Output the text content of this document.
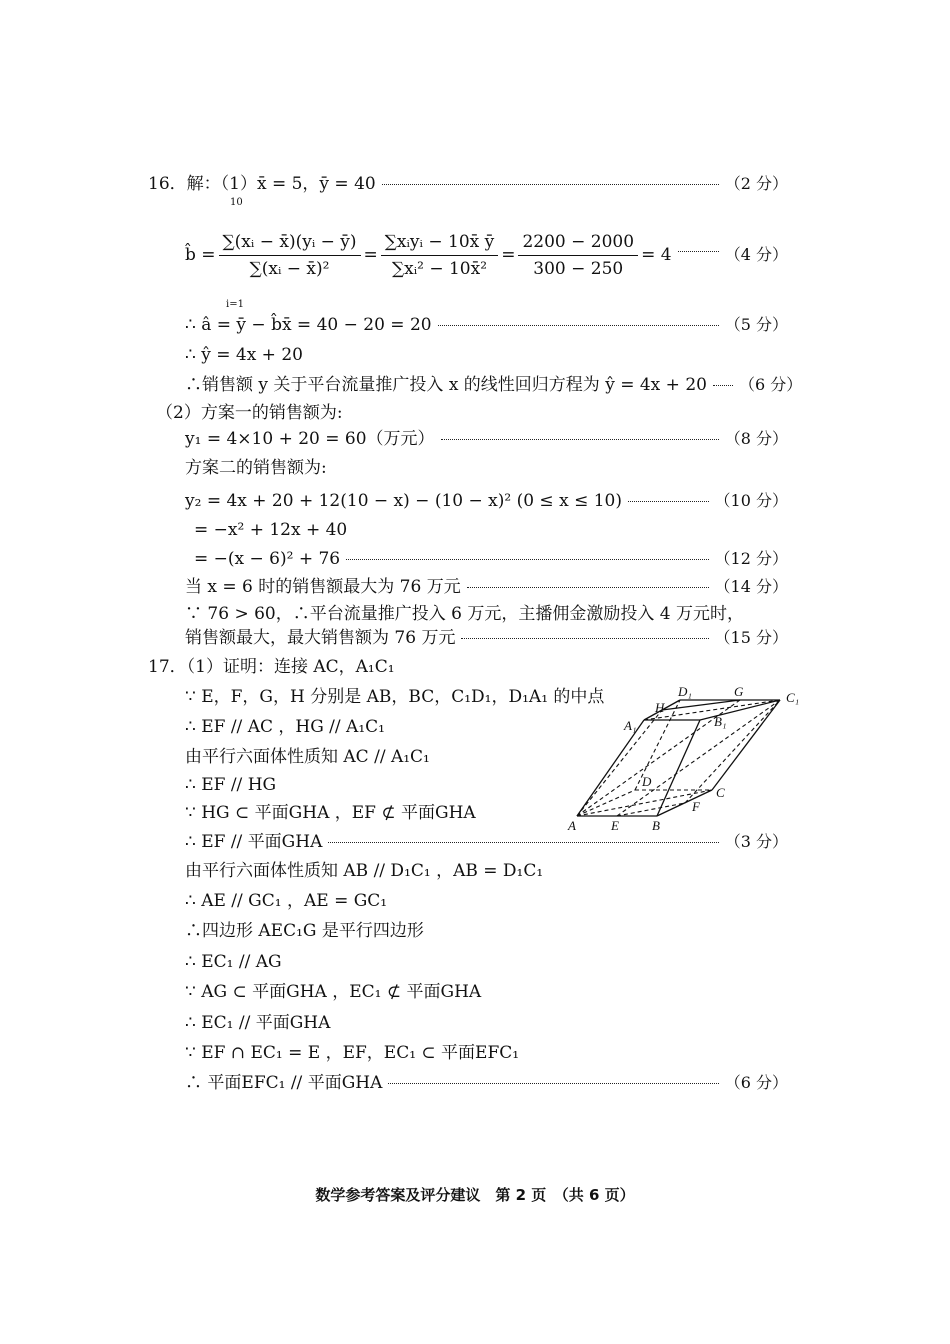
16．解：（1） x̄ = 5，ȳ = 40	（2 分）
b̂ = $\frac{\text{∑(xᵢ − x̄)(yᵢ − ȳ)}}{\text{∑(xᵢ − x̄)²}} = \frac{\text{∑xᵢyᵢ − 10x̄ ȳ}}{\text{∑xᵢ² − 10x̄²}} = \frac{2200 - 2000}{300 - 250} = 4$	（4 分）
10
i=1
∴ â = ȳ − b̂x̄ = 40 − 20 = 20	（5 分）
∴ ŷ = 4x + 20
∴销售额 y 关于平台流量推广投入 x 的线性回归方程为 ŷ = 4x + 20 （6 分）
（2）方案一的销售额为:
y₁ = 4×10 + 20 = 60（万元）	（8 分）
方案二的销售额为:
y₂ = 4x + 20 + 12(10 − x) − (10 − x)² (0 ≤ x ≤ 10)	（10 分）
= −x² + 12x + 40
= −(x − 6)² + 76	（12 分）
当 x = 6 时的销售额最大为 76 万元	（14 分）
∵ 76 > 60，∴平台流量推广投入 6 万元，主播佣金激励投入 4 万元时，
销售额最大，最大销售额为 76 万元	（15 分）
17．（1）证明：连接 AC，A₁C₁
∵ E，F，G，H 分别是 AB，BC，C₁D₁，D₁A₁ 的中点
∴ EF // AC ，HG // A₁C₁
由平行六面体性质知 AC // A₁C₁
∴ EF // HG
∵ HG ⊂ 平面GHA ，EF ⊄ 平面GHA
∴ EF // 平面GHA	（3 分）
由平行六面体性质知 AB // D₁C₁ ，AB = D₁C₁
∴ AE // GC₁ ，AE = GC₁
∴四边形 AEC₁G 是平行四边形
∴ EC₁ // AG
∵ AG ⊂ 平面GHA ，EC₁ ⊄ 平面GHA
∴ EC₁ // 平面GHA
∵ EF ∩ EC₁ = E ，EF，EC₁ ⊂ 平面EFC₁
∴ 平面EFC₁ // 平面GHA	（6 分）
D₁	G	C₁
H
A₁	B₁
D
C
F
A	E	B
数学参考答案及评分建议　第 2 页　（共 6 页）
